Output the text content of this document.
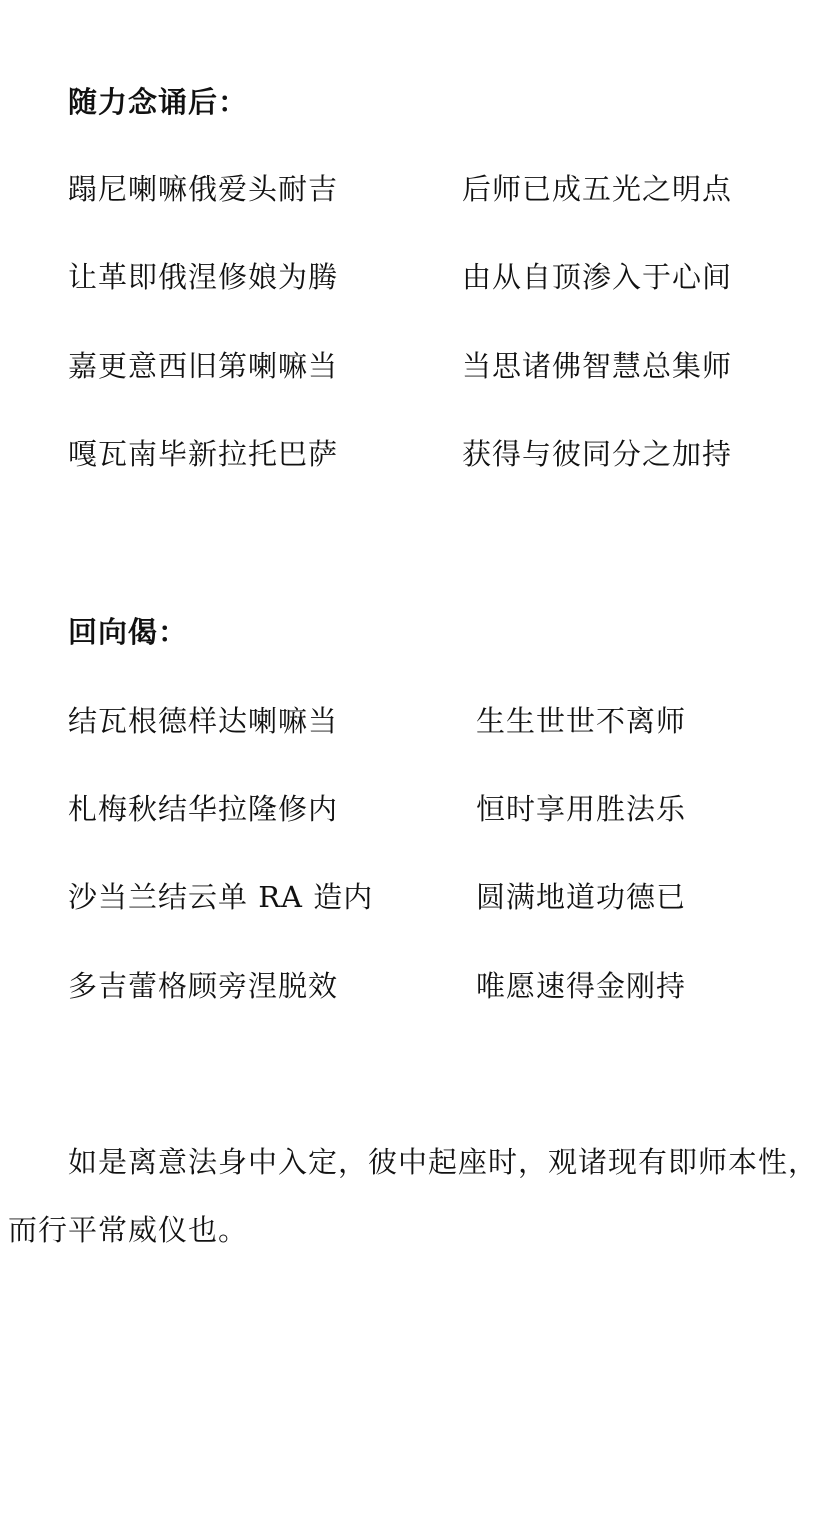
随力念诵后：
蹋尼喇嘛俄爱头耐吉	后师已成五光之明点
让革即俄涅修娘为腾	由从自顶渗入于心间
嘉更意西旧第喇嘛当	当思诸佛智慧总集师
嘎瓦南毕新拉托巴萨	获得与彼同分之加持
回向偈：
结瓦根德样达喇嘛当	生生世世不离师
札梅秋结华拉隆修内	恒时享用胜法乐
沙当兰结云单 RA 造内	圆满地道功德已
多吉蕾格顾旁涅脱效	唯愿速得金刚持
如是离意法身中入定，彼中起座时，观诸现有即师本性，
而行平常威仪也。
